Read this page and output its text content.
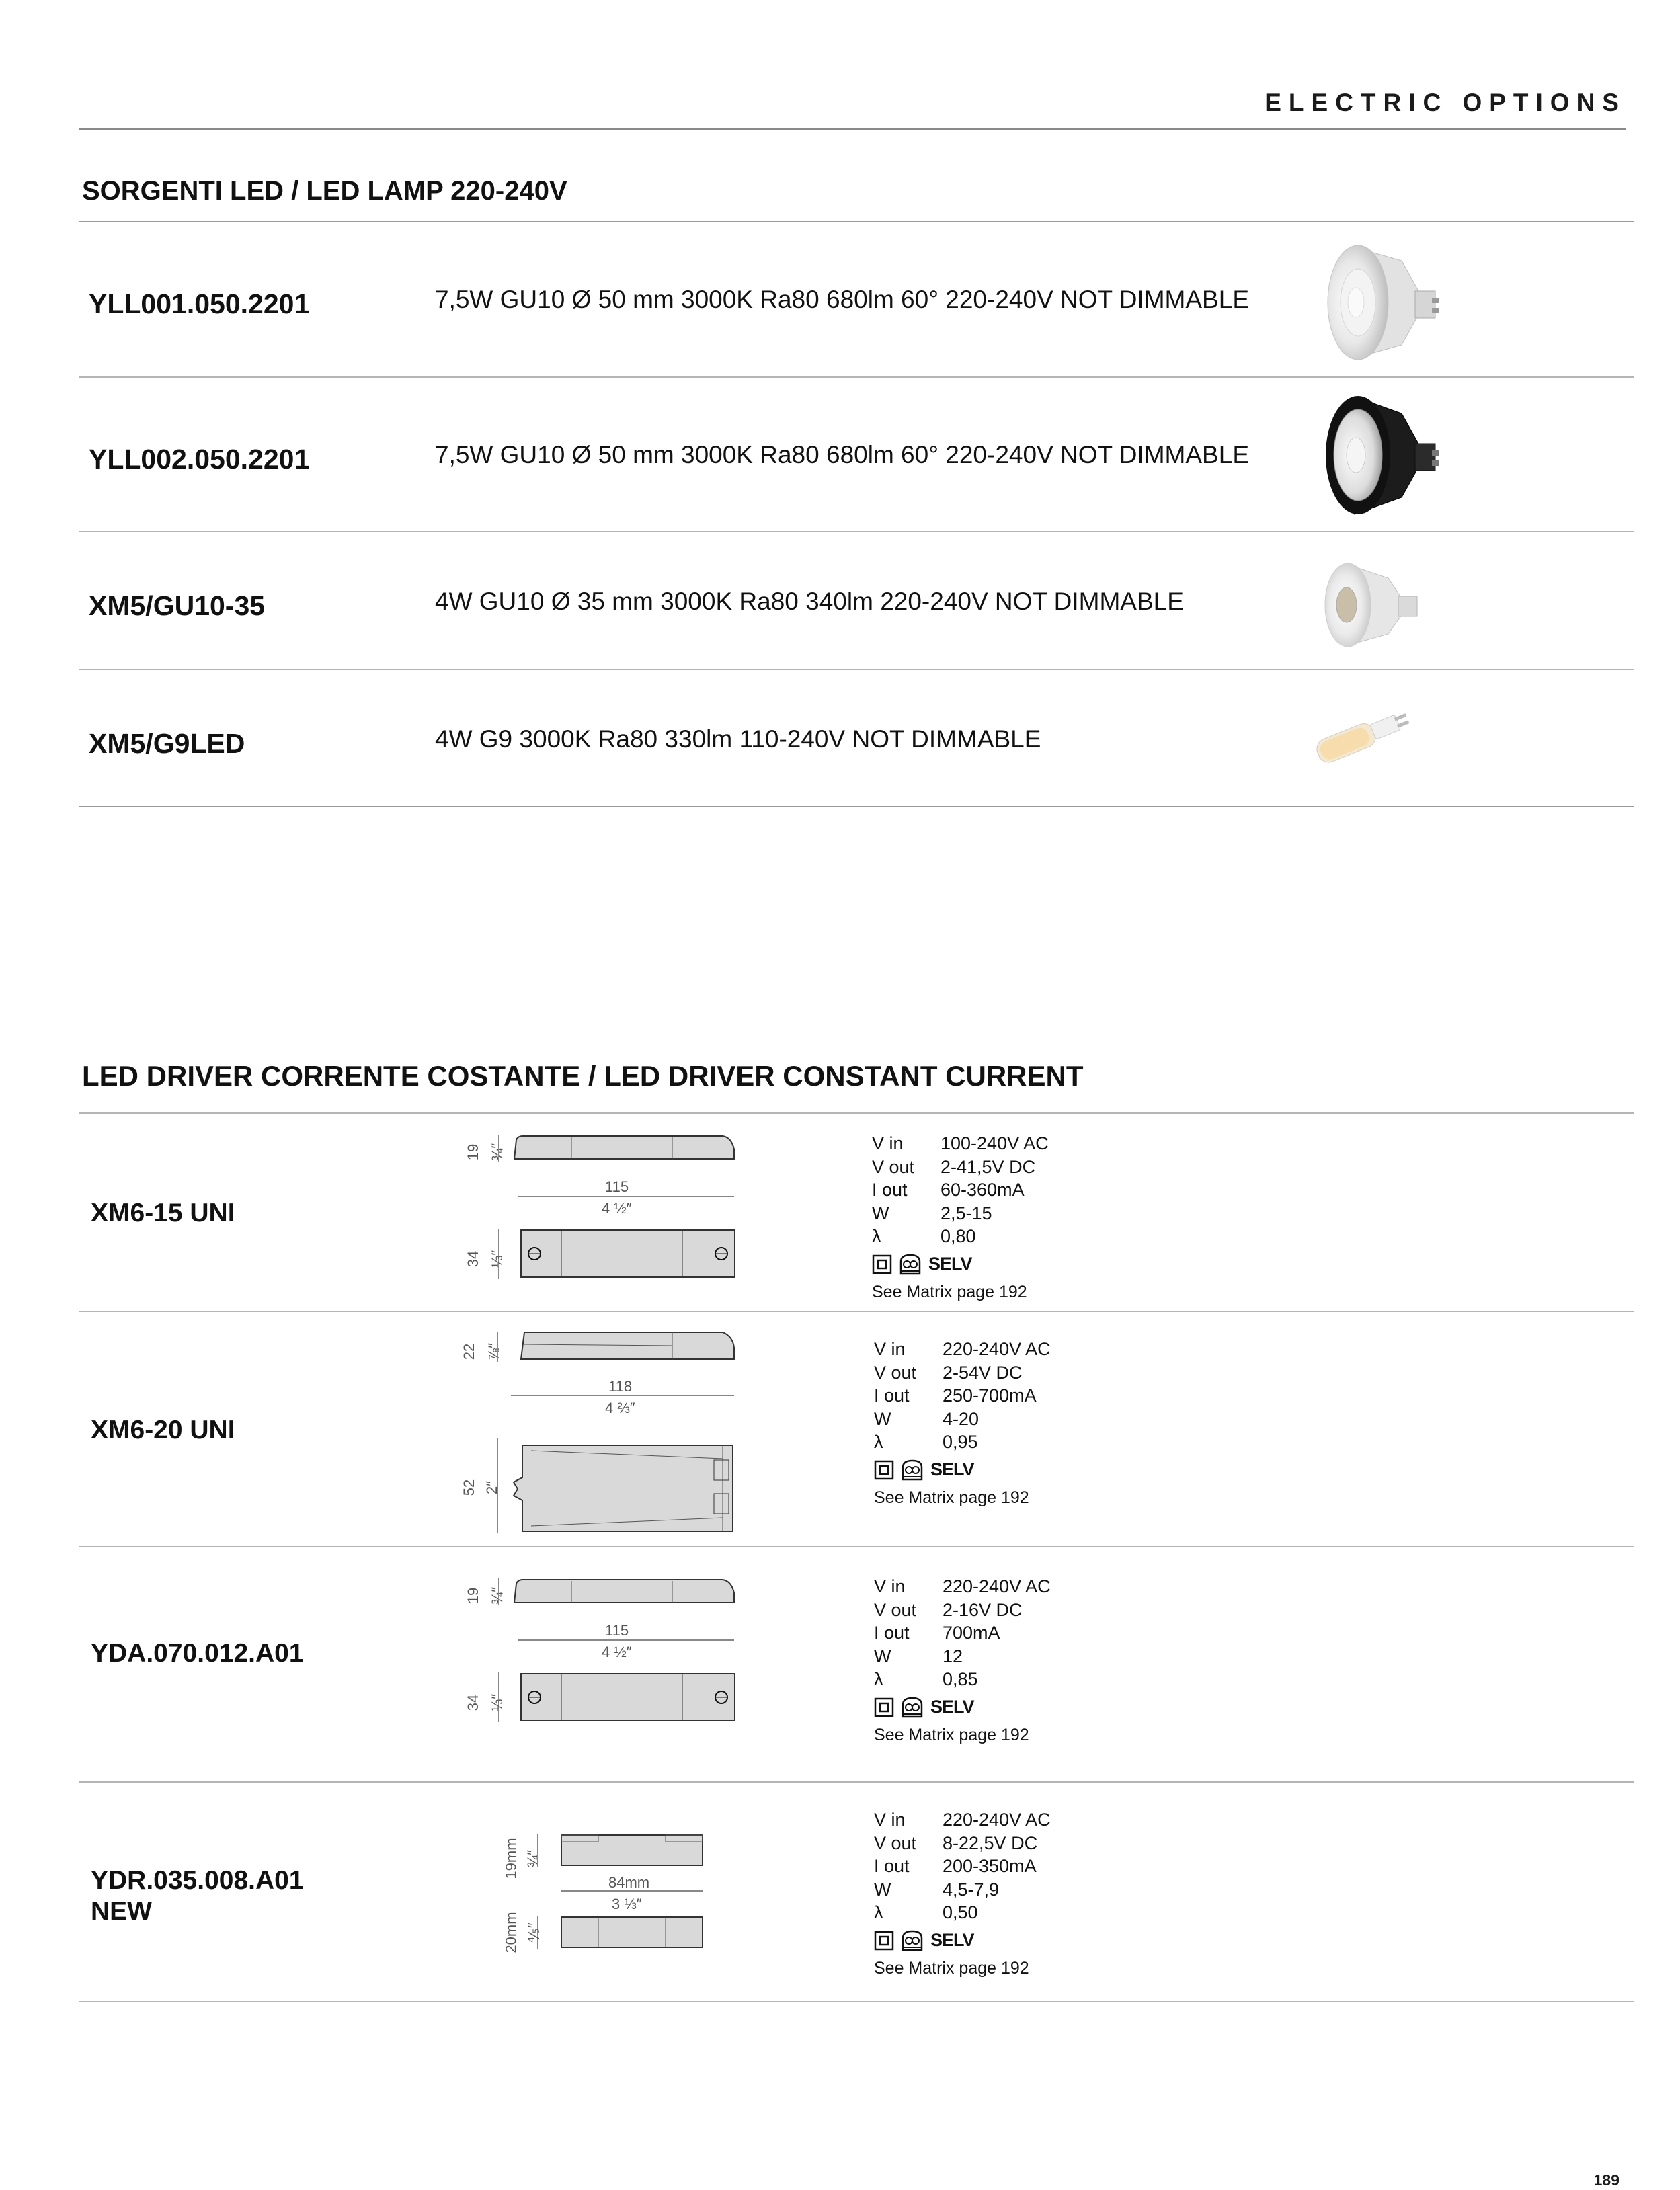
ELECTRIC OPTIONS
SORGENTI LED / LED LAMP 220-240V
YLL001.050.2201	7,5W GU10 Ø 50 mm 3000K Ra80 680lm 60° 220-240V NOT DIMMABLE
YLL002.050.2201	7,5W GU10 Ø 50 mm 3000K Ra80 680lm 60° 220-240V NOT DIMMABLE
XM5/GU10-35	4W GU10 Ø 35 mm 3000K Ra80 340lm 220-240V NOT DIMMABLE
XM5/G9LED	4W G9 3000K Ra80 330lm 110-240V NOT DIMMABLE
LED DRIVER CORRENTE COSTANTE / LED DRIVER CONSTANT CURRENT
XM6-15 UNI
19 ¾″
115
4 ½″
34 ⅓″
V in	100-240V AC
V out	2-41,5V DC
I out	60-360mA
W	2,5-15
λ	0,80
SELV
See Matrix page 192
XM6-20 UNI
22 ⅞″
118
4 ⅔″
52 2″
V in	220-240V AC
V out	2-54V DC
I out	250-700mA
W	4-20
λ	0,95
SELV
See Matrix page 192
YDA.070.012.A01
19 ¾″
115
4 ½″
34 ⅓″
V in	220-240V AC
V out	2-16V DC
I out	700mA
W	12
λ	0,85
SELV
See Matrix page 192
YDR.035.008.A01
NEW
19mm ¾″
84mm
3 ⅓″
20mm ⅘″
V in	220-240V AC
V out	8-22,5V DC
I out	200-350mA
W	4,5-7,9
λ	0,50
SELV
See Matrix page 192
189
